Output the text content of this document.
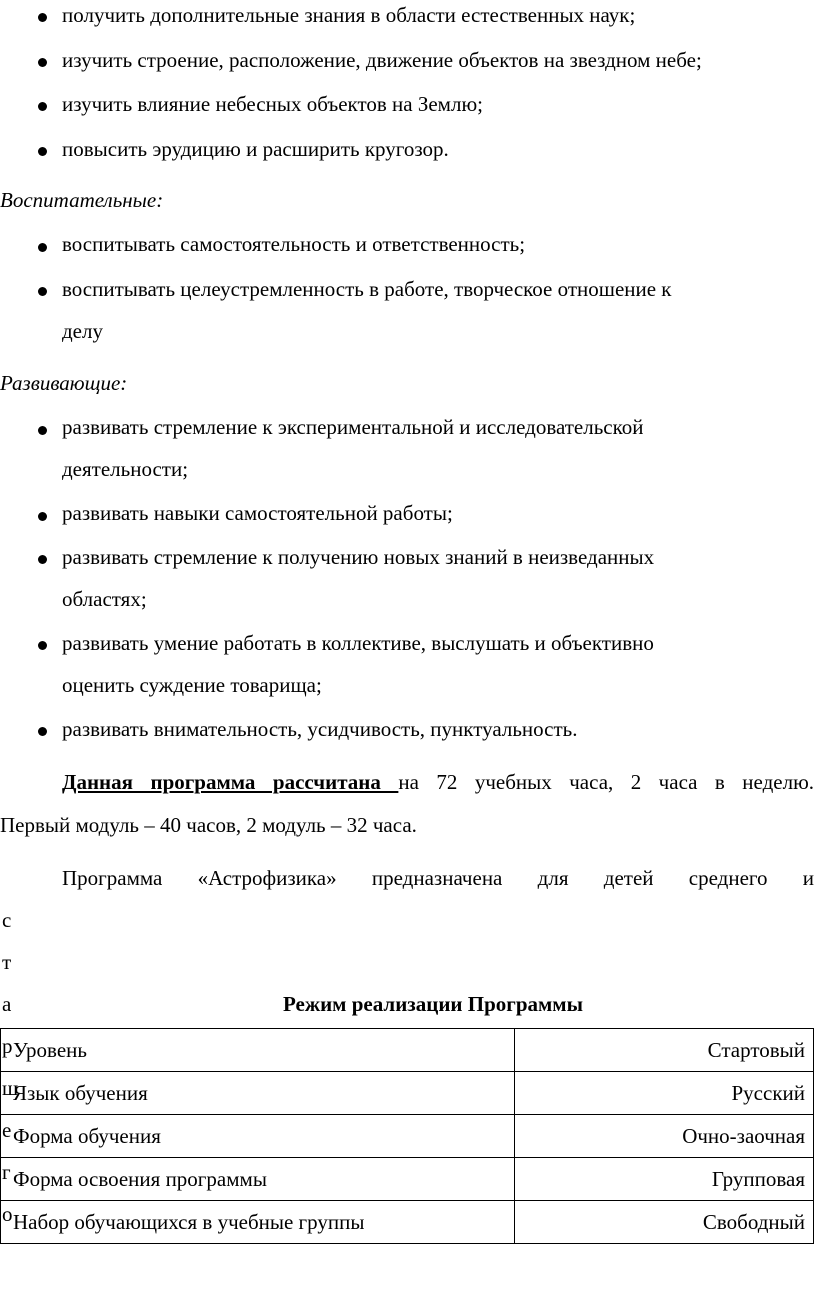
получить дополнительные знания в области естественных наук;
изучить строение, расположение, движение объектов на звездном небе;
изучить влияние небесных объектов на Землю;
повысить эрудицию и расширить кругозор.
Воспитательные:
воспитывать самостоятельность и ответственность;
воспитывать целеустремленность в работе, творческое отношение к
делу
Развивающие:
развивать стремление к экспериментальной и исследовательской
деятельности;
развивать навыки самостоятельной работы;
развивать стремление к получению новых знаний в неизведанных
областях;
развивать умение работать в коллективе, выслушать и объективно
оценить суждение товарища;
развивать внимательность, усидчивость, пунктуальность.
Данная программа рассчитана на 72 учебных часа, 2 часа в неделю.
Первый модуль – 40 часов, 2 модуль – 32 часа.
Программа «Астрофизика» предназначена для детей среднего и
с
т
а	Режим реализации Программы
Уровень	Стартовый
Язык обучения	Русский
Форма обучения	Очно-заочная
Форма освоения программы	Групповая
Набор обучающихся в учебные группы	Свободный
р
ш
е
г
о
